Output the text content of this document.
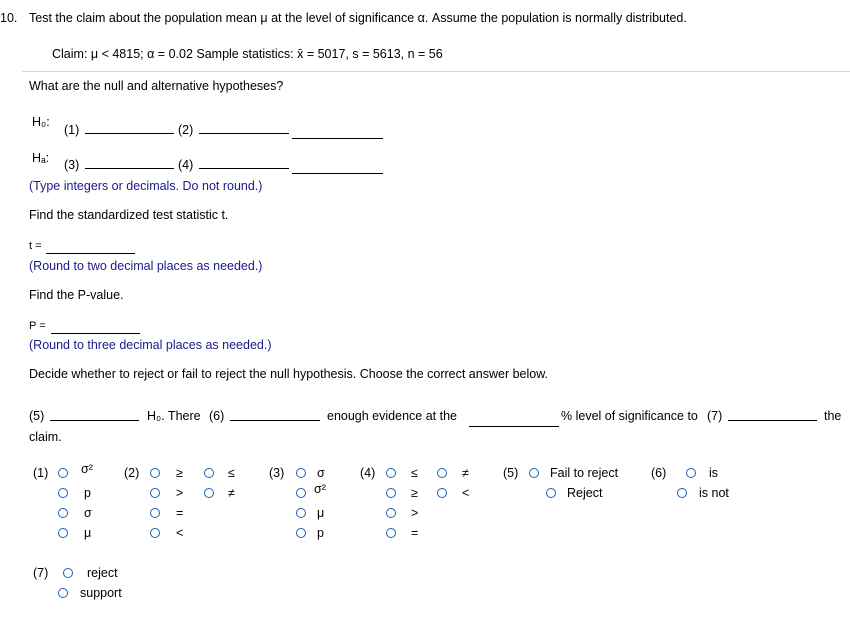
10. Test the claim about the population mean μ at the level of significance α. Assume the population is normally distributed.
Claim: μ < 4815; α = 0.02 Sample statistics: x̄ = 5017, s = 5613, n = 56
What are the null and alternative hypotheses?
H₀:
(1)	(2)
Hₐ: (3)	(4)
(Type integers or decimals. Do not round.)
Find the standardized test statistic t.
t =
(Round to two decimal places as needed.)
Find the P-value.
P =
(Round to three decimal places as needed.)
Decide whether to reject or fail to reject the null hypothesis. Choose the correct answer below.
(5)	H₀. There (6)	enough evidence at the	% level of significance to (7)	the
claim.
(1)	σ²
p
σ
μ
(2)	≥
>
=
<
≤
≠
(3)	σ
σ²
μ
p
(4)	≤
≥
>
=
≠
<
(5)	Fail to reject
Reject
(6)	is
is not
(7)	reject
support
